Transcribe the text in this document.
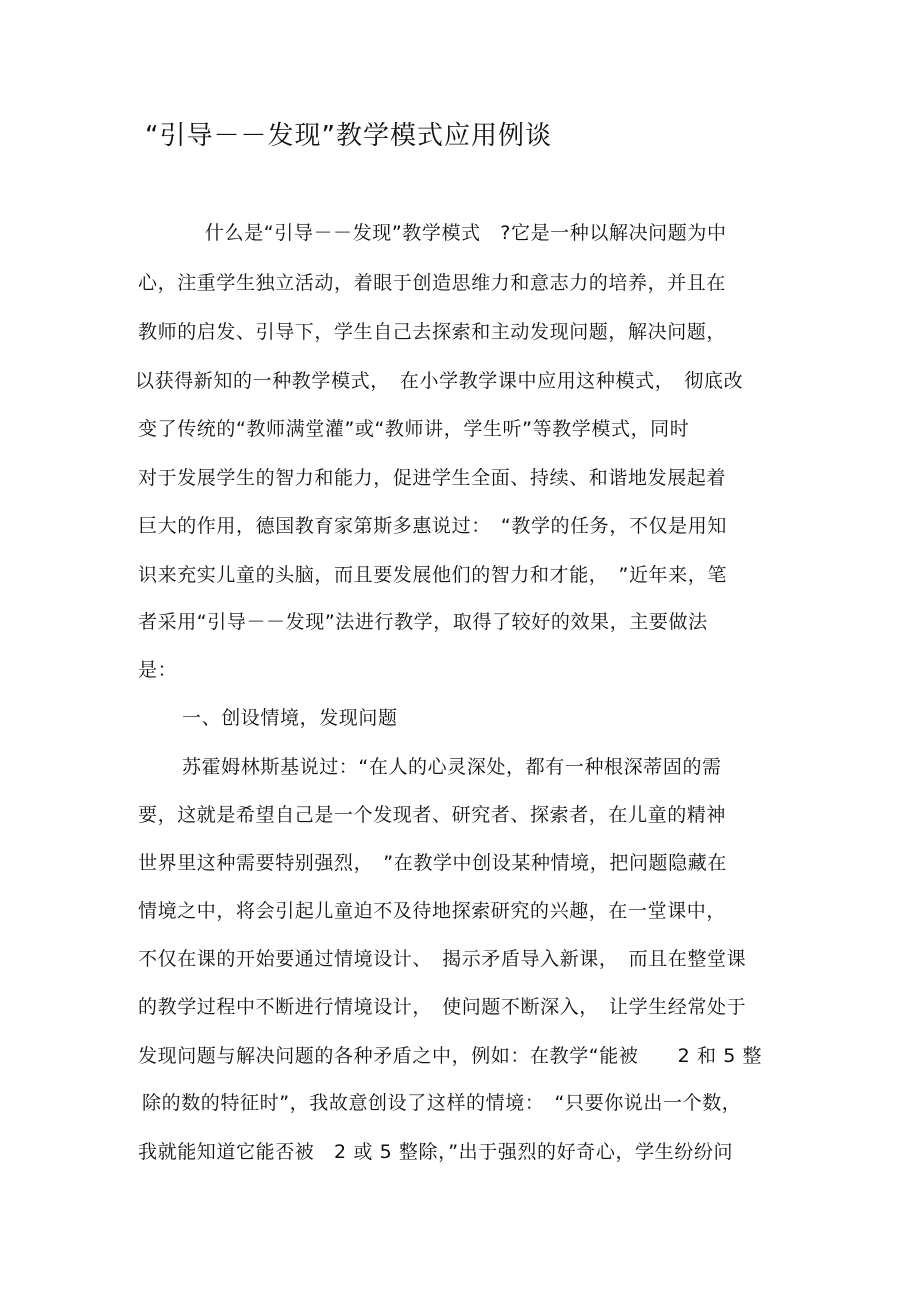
“引导－－发现”教学模式应用例谈
什么是“引导－－发现”教学模式　?它是一种以解决问题为中
心，注重学生独立活动，着眼于创造思维力和意志力的培养，并且在
教师的启发、引导下，学生自己去探索和主动发现问题，解决问题，
以获得新知的一种教学模式，　在小学教学课中应用这种模式，　彻底改
变了传统的“教师满堂灌”或“教师讲，学生听”等教学模式，同时
对于发展学生的智力和能力，促进学生全面、持续、和谐地发展起着
巨大的作用，德国教育家第斯多惠说过：　“教学的任务，不仅是用知
识来充实儿童的头脑，而且要发展他们的智力和才能，　”近年来，笔
者采用“引导－－发现”法进行教学，取得了较好的效果，主要做法
是：
一、创设情境，发现问题
苏霍姆林斯基说过：“在人的心灵深处，都有一种根深蒂固的需
要，这就是希望自己是一个发现者、研究者、探索者，在儿童的精神
世界里这种需要特别强烈，　”在教学中创设某种情境，把问题隐藏在
情境之中，将会引起儿童迫不及待地探索研究的兴趣，在一堂课中，
不仅在课的开始要通过情境设计、　揭示矛盾导入新课，　而且在整堂课
的教学过程中不断进行情境设计，　使问题不断深入，　让学生经常处于
发现问题与解决问题的各种矛盾之中，例如：在教学“能被　　2 和 5 整
除的数的特征时”，我故意创设了这样的情境：　“只要你说出一个数，
我就能知道它能否被　2 或 5 整除，”出于强烈的好奇心，学生纷纷问
